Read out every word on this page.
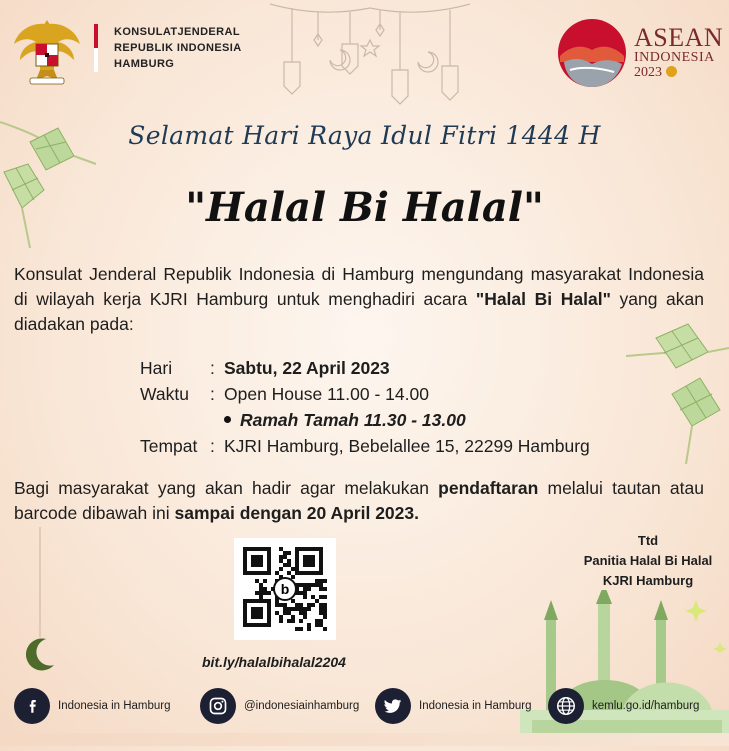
KONSULATJENDERAL
REPUBLIK INDONESIA
HAMBURG
ASEAN
INDONESIA
2023
Selamat Hari Raya Idul Fitri 1444 H
"Halal Bi Halal"
Konsulat Jenderal Republik Indonesia di Hamburg mengundang masyarakat Indonesia di wilayah kerja KJRI Hamburg untuk menghadiri acara "Halal Bi Halal" yang akan diadakan pada:
Hari	: Sabtu, 22 April 2023
Waktu	: Open House 11.00 - 14.00
Ramah Tamah 11.30 - 13.00
Tempat : KJRI Hamburg, Bebelallee 15, 22299 Hamburg
Bagi masyarakat yang akan hadir agar melakukan pendaftaran melalui tautan atau barcode dibawah ini sampai dengan 20 April 2023.
b
bit.ly/halalbihalal2204
Ttd
Panitia Halal Bi Halal
KJRI Hamburg
Indonesia in Hamburg	@indonesiainhamburg	Indonesia in Hamburg	kemlu.go.id/hamburg
